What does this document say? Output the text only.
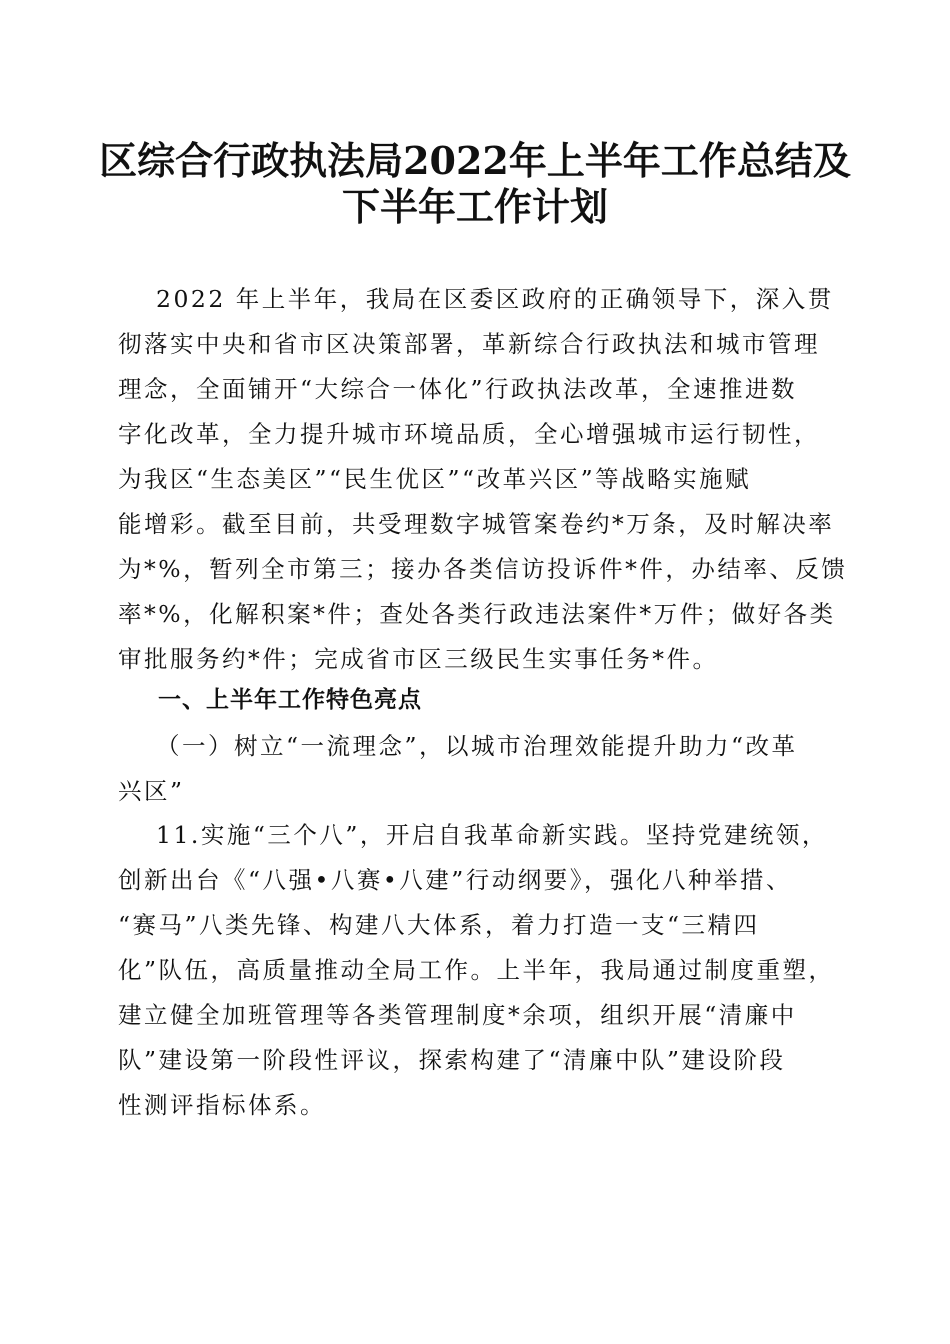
区综合行政执法局2022年上半年工作总结及
下半年工作计划
2022 年上半年，我局在区委区政府的正确领导下，深入贯
彻落实中央和省市区决策部署，革新综合行政执法和城市管理
理念，全面铺开“大综合一体化”行政执法改革，全速推进数
字化改革，全力提升城市环境品质，全心增强城市运行韧性，
为我区“生态美区”“民生优区”“改革兴区”等战略实施赋
能增彩。截至目前，共受理数字城管案卷约*万条，及时解决率
为*%，暂列全市第三；接办各类信访投诉件*件，办结率、反馈
率*%，化解积案*件；查处各类行政违法案件*万件；做好各类
审批服务约*件；完成省市区三级民生实事任务*件。
一、上半年工作特色亮点
（一）树立“一流理念”，以城市治理效能提升助力“改革
兴区”
11.实施“三个八”，开启自我革命新实践。坚持党建统领，
创新出台《“八强•八赛•八建”行动纲要》，强化八种举措、
“赛马”八类先锋、构建八大体系，着力打造一支“三精四
化”队伍，高质量推动全局工作。上半年，我局通过制度重塑，
建立健全加班管理等各类管理制度*余项，组织开展“清廉中
队”建设第一阶段性评议，探索构建了“清廉中队”建设阶段
性测评指标体系。
